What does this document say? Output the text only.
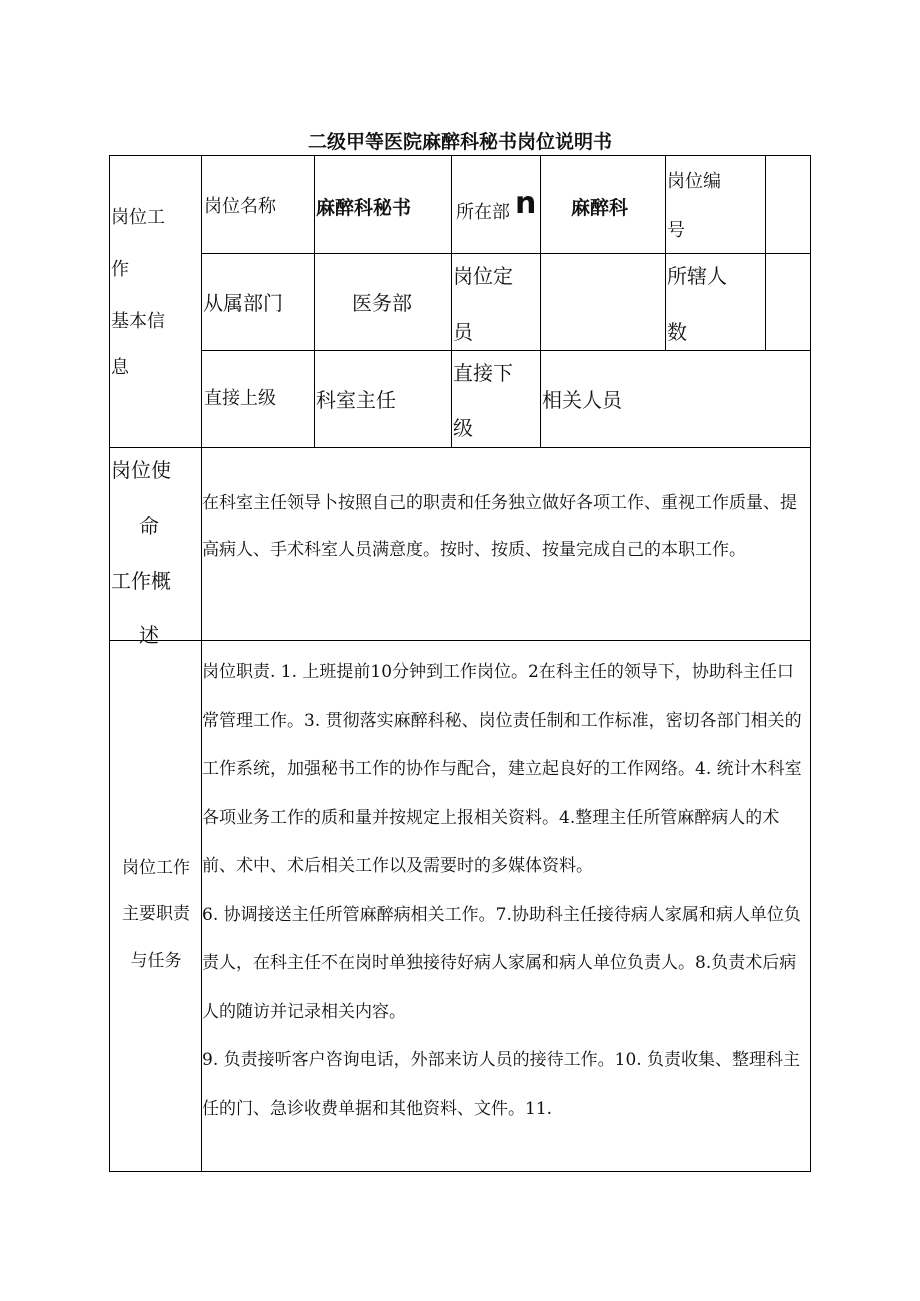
二级甲等医院麻醉科秘书岗位说明书
岗位工
作
基本信
息
岗位名称 麻醉科秘书 所在部 n 麻醉科
岗位编
号
从属部门	医务部
岗位定
员
所辖人
数
直接上级 科室主任
直接下
级
相关人员
岗位使
命
工作概
述
在科室主任领导卜按照自己的职责和任务独立做好各项工作、重视工作质量、提高病人、手术科室人员满意度。按时、按质、按量完成自己的本职工作。
岗位工作
主要职责
与任务

岗位职责. 1. 上班提前10分钟到工作岗位。2在科主任的领导下，协助科主任口常管理工作。3. 贯彻落实麻醉科秘、岗位责任制和工作标准，密切各部门相关的工作系统，加强秘书工作的协作与配合，建立起良好的工作网络。4. 统计木科室各项业务工作的质和量并按规定上报相关资料。4.整理主任所管麻醉病人的术前、术中、术后相关工作以及需要时的多媒体资料。

6. 协调接送主任所管麻醉病相关工作。7.协助科主任接待病人家属和病人单位负责人，在科主任不在岗时单独接待好病人家属和病人单位负责人。8.负责术后病人的随访并记录相关内容。

9. 负责接听客户咨询电话，外部来访人员的接待工作。10. 负责收集、整理科主任的门、急诊收费单据和其他资料、文件。11.
